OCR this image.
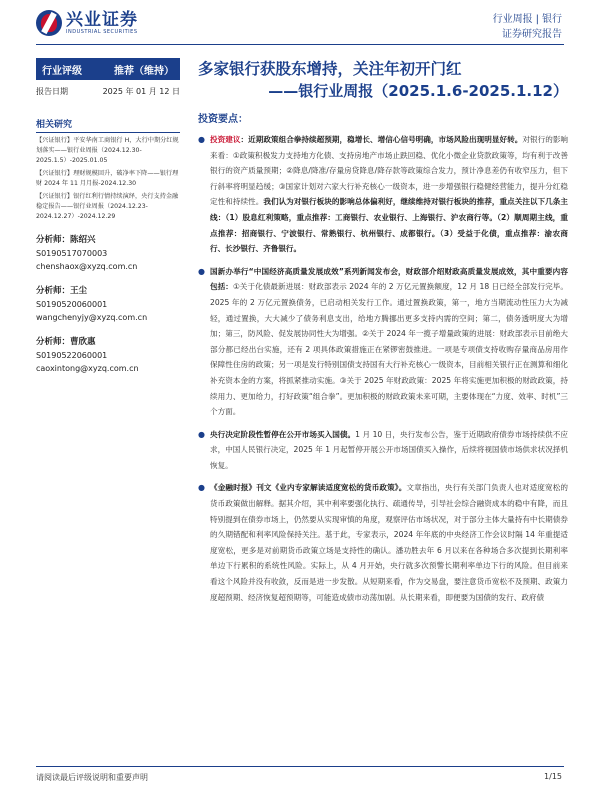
兴业证券
INDUSTRIAL SECURITIES
行业周报 | 银行
证券研究报告
行业评级	推荐（维持）
报告日期	2025 年 01 月 12 日
相关研究
【兴证银行】平安华南工商银行 H，大行中期分红规划落实——银行业周报（2024.12.30-2025.1.5）-2025.01.05
【兴证银行】理财规模回升，破净率下降——银行理财 2024 年 11 月月报-2024.12.30
【兴证银行】银行红利行情持续演绎，央行支持金融稳定报告——银行业周报（2024.12.23-2024.12.27）-2024.12.29
分析师：陈绍兴
S0190517070003
chenshaox@xyzq.com.cn
分析师：王尘
S0190520060001
wangchenyjy@xyzq.com.cn
分析师：曹欣惠
S0190522060001
caoxintong@xyzq.com.cn
多家银行获股东增持，关注年初开门红
——银行业周报（2025.1.6-2025.1.12）
投资要点：
● 投资建议：近期政策组合拳持续超预期，稳增长、增信心信号明确，市场风险出现明显好转。对银行的影响来看：①政策积极发力支持地方化债、支持房地产市场止跌回稳、优化小微企业贷款政策等，均有利于改善银行的资产质量预期；②降息/降准/存量房贷降息/降存款等政策综合发力，预计净息差仍有收窄压力，但下行斜率将明显趋缓；③国家计划对六家大行补充核心一级资本，进一步增强银行稳健经营能力，提升分红稳定性和持续性。我们认为对银行板块的影响总体偏利好，继续维持对银行板块的推荐，重点关注以下几条主线：（1）股息红利策略，重点推荐：工商银行、农业银行、上海银行、沪农商行等。（2）顺周期主线，重点推荐：招商银行、宁波银行、常熟银行、杭州银行、成都银行。（3）受益于化债，重点推荐：渝农商行、长沙银行、齐鲁银行。
● 国新办举行“中国经济高质量发展成效”系列新闻发布会，财政部介绍财政高质量发展成效，其中重要内容包括：①关于化债最新进展：财政部表示 2024 年的 2 万亿元置换额度，12 月 18 日已经全部发行完毕。2025 年的 2 万亿元置换债务，已启动相关发行工作。通过置换政策，第一，地方当期流动性压力大为减轻，通过置换，大大减少了债务利息支出，给地方腾挪出更多支持内需的空间；第二，债务透明度大为增加；第三，防风险、促发展协同性大为增强。②关于 2024 年一揽子增量政策的进展：财政部表示目前绝大部分都已经出台实施，还有 2 项具体政策措施正在紧锣密鼓推进。一项是专项债支持收购存量商品房用作保障性住房的政策；另一项是发行特别国债支持国有大行补充核心一级资本，目前相关银行正在测算和细化补充资本金的方案，将抓紧推动实施。③关于 2025 年财政政策：2025 年将实施更加积极的财政政策，持续用力、更加给力，打好政策“组合拳”。更加积极的财政政策未来可期，主要体现在“力度、效率、时机”三个方面。
● 央行决定阶段性暂停在公开市场买入国债。1 月 10 日，央行发布公告，鉴于近期政府债券市场持续供不应求，中国人民银行决定，2025 年 1 月起暂停开展公开市场国债买入操作，后续将视国债市场供求状况择机恢复。
● 《金融时报》刊文《业内专家解读适度宽松的货币政策》。文章指出，央行有关部门负责人也对适度宽松的货币政策做出解释。据其介绍，其中利率要强化执行、疏通传导，引导社会综合融资成本的稳中有降，而且特别提到在债券市场上，仍然要从实现审慎的角度，观察评估市场状况，对于部分主体大量持有中长期债券的久期错配和利率风险保持关注。基于此，专家表示，2024 年年底的中央经济工作会议时隔 14 年重提适度宽松，更多是对前期货币政策立场是支持性的确认。潘功胜去年 6 月以来在各种场合多次提到长期利率单边下行累积的系统性风险。实际上，从 4 月开始，央行就多次预警长期利率单边下行的风险。但目前来看这个风险并没有收敛，反而是进一步发散。从短期来看，作为交易盘，要注意货币宽松不及预期、政策力度超预期、经济恢复超预期等，可能造成债市动荡加剧。从长期来看，即便要为国债的发行、政府债
请阅读最后评级说明和重要声明	1/15
